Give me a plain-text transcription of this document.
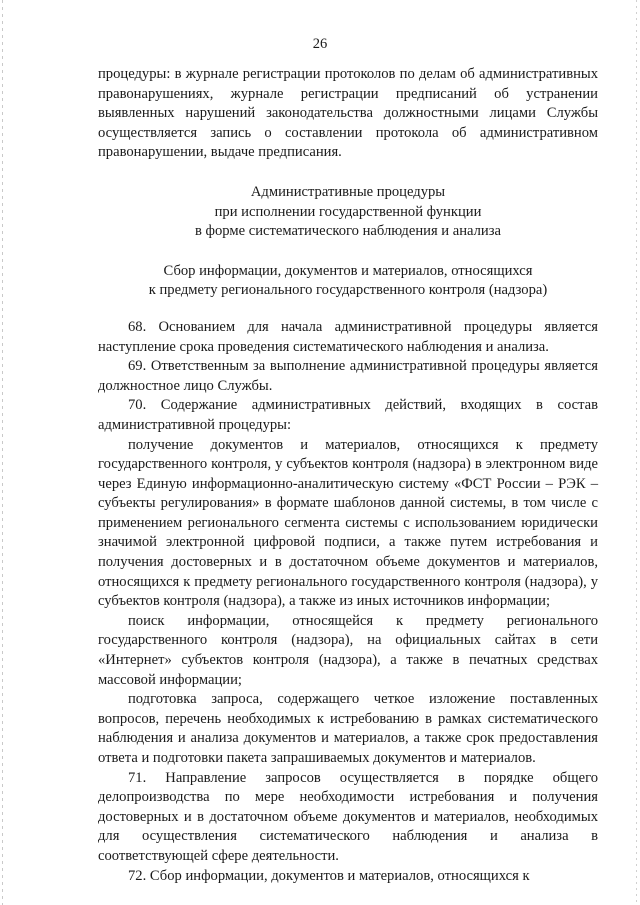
26

процедуры: в журнале регистрации протоколов по делам об административных правонарушениях, журнале регистрации предписаний об устранении выявленных нарушений законодательства должностными лицами Службы осуществляется запись о составлении протокола об административном правонарушении, выдаче предписания.

Административные процедуры

при исполнении государственной функции

в форме систематического наблюдения и анализа

Сбор информации, документов и материалов, относящихся

к предмету регионального государственного контроля (надзора)

68. Основанием для начала административной процедуры является наступление срока проведения систематического наблюдения и анализа.

69. Ответственным за выполнение административной процедуры является должностное лицо Службы.

70. Содержание административных действий, входящих в состав административной процедуры:

получение документов и материалов, относящихся к предмету государственного контроля, у субъектов контроля (надзора) в электронном виде через Единую информационно-аналитическую систему «ФСТ России – РЭК – субъекты регулирования» в формате шаблонов данной системы, в том числе с применением регионального сегмента системы с использованием юридически значимой электронной цифровой подписи, а также путем истребования и получения достоверных и в достаточном объеме документов и материалов, относящихся к предмету регионального государственного контроля (надзора), у субъектов контроля (надзора), а также из иных источников информации;

поиск информации, относящейся к предмету регионального государственного контроля (надзора), на официальных сайтах в сети «Интернет» субъектов контроля (надзора), а также в печатных средствах массовой информации;

подготовка запроса, содержащего четкое изложение поставленных вопросов, перечень необходимых к истребованию в рамках систематического наблюдения и анализа документов и материалов, а также срок предоставления ответа и подготовки пакета запрашиваемых документов и материалов.

71. Направление запросов осуществляется в порядке общего делопроизводства по мере необходимости истребования и получения достоверных и в достаточном объеме документов и материалов, необходимых для осуществления систематического наблюдения и анализа в соответствующей сфере деятельности.

72. Сбор информации, документов и материалов, относящихся к
